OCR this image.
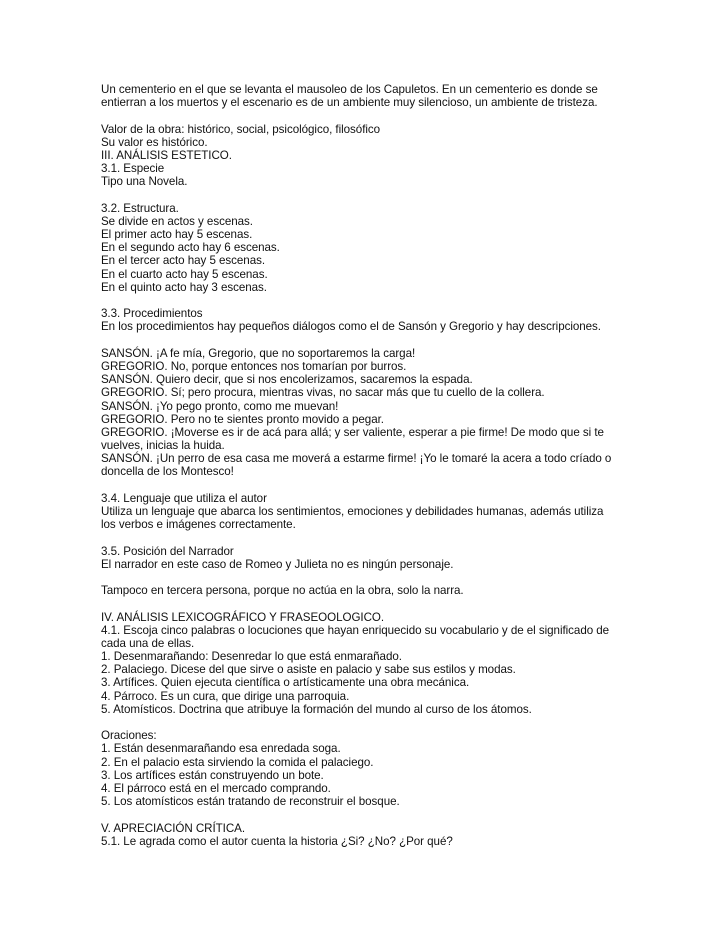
Un cementerio en el que se levanta el mausoleo de los Capuletos. En un cementerio es donde se
entierran a los muertos y el escenario es de un ambiente muy silencioso, un ambiente de tristeza.
Valor de la obra: histórico, social, psicológico, filosófico
Su valor es histórico.
III. ANÁLISIS ESTETICO.
3.1. Especie
Tipo una Novela.
3.2. Estructura.
Se divide en actos y escenas.
El primer acto hay 5 escenas.
En el segundo acto hay 6 escenas.
En el tercer acto hay 5 escenas.
En el cuarto acto hay 5 escenas.
En el quinto acto hay 3 escenas.
3.3. Procedimientos
En los procedimientos hay pequeños diálogos como el de Sansón y Gregorio y hay descripciones.
SANSÓN. ¡A fe mía, Gregorio, que no soportaremos la carga!
GREGORIO. No, porque entonces nos tomarían por burros.
SANSÓN. Quiero decir, que si nos encolerizamos, sacaremos la espada.
GREGORIO. Sí; pero procura, mientras vivas, no sacar más que tu cuello de la collera.
SANSÓN. ¡Yo pego pronto, como me muevan!
GREGORIO. Pero no te sientes pronto movido a pegar.
GREGORIO. ¡Moverse es ir de acá para allá; y ser valiente, esperar a pie firme! De modo que si te
vuelves, inicias la huida.
SANSÓN. ¡Un perro de esa casa me moverá a estarme firme! ¡Yo le tomaré la acera a todo críado o
doncella de los Montesco!
3.4. Lenguaje que utiliza el autor
Utiliza un lenguaje que abarca los sentimientos, emociones y debilidades humanas, además utiliza
los verbos e imágenes correctamente.
3.5. Posición del Narrador
El narrador en este caso de Romeo y Julieta no es ningún personaje.
Tampoco en tercera persona, porque no actúa en la obra, solo la narra.
IV. ANÁLISIS LEXICOGRÁFICO Y FRASEOOLOGICO.
4.1. Escoja cinco palabras o locuciones que hayan enriquecido su vocabulario y de el significado de
cada una de ellas.
1. Desenmarañando: Desenredar lo que está enmarañado.
2. Palaciego. Dicese del que sirve o asiste en palacio y sabe sus estilos y modas.
3. Artífices. Quien ejecuta científica o artísticamente una obra mecánica.
4. Párroco. Es un cura, que dirige una parroquia.
5. Atomísticos. Doctrina que atribuye la formación del mundo al curso de los átomos.
Oraciones:
1. Están desenmarañando esa enredada soga.
2. En el palacio esta sirviendo la comida el palaciego.
3. Los artífices están construyendo un bote.
4. El párroco está en el mercado comprando.
5. Los atomísticos están tratando de reconstruir el bosque.
V. APRECIACIÓN CRÍTICA.
5.1. Le agrada como el autor cuenta la historia ¿Si? ¿No? ¿Por qué?
